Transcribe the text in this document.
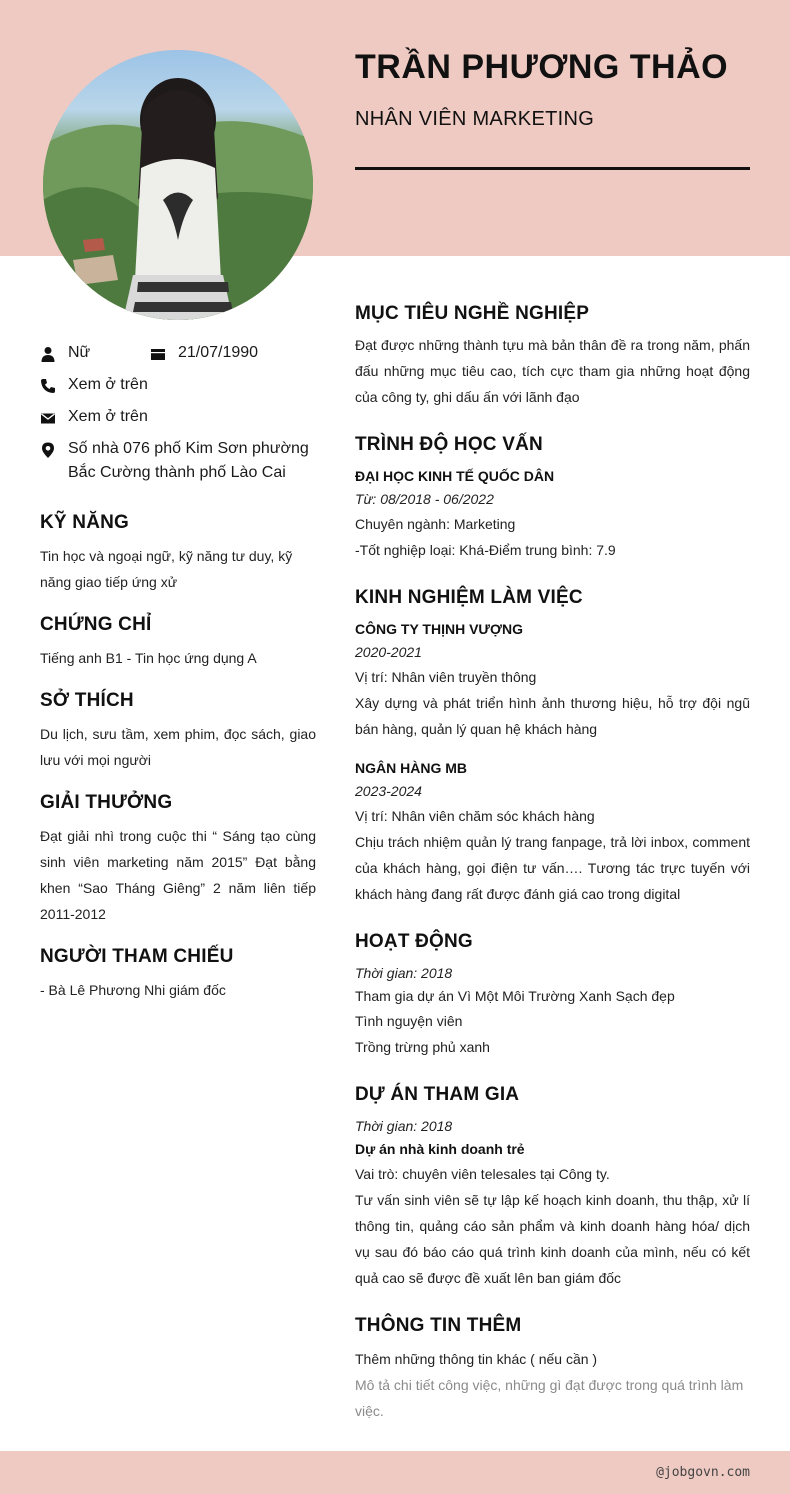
TRẦN PHƯƠNG THẢO
NHÂN VIÊN MARKETING
Nữ	21/07/1990
Xem ở trên
Xem ở trên
Số nhà 076 phố Kim Sơn phường Bắc Cường thành phố Lào Cai
KỸ NĂNG

Tin học và ngoại ngữ, kỹ năng tư duy, kỹ năng giao tiếp ứng xử

CHỨNG CHỈ

Tiếng anh B1 - Tin học ứng dụng A

SỞ THÍCH

Du lịch, sưu tầm, xem phim, đọc sách, giao lưu với mọi người

GIẢI THƯỞNG

Đạt giải nhì trong cuộc thi “ Sáng tạo cùng sinh viên marketing năm 2015” Đạt bằng khen “Sao Tháng Giêng” 2 năm liên tiếp 2011-2012

NGƯỜI THAM CHIẾU

- Bà Lê Phương Nhi giám đốc

MỤC TIÊU NGHỀ NGHIỆP

Đạt được những thành tựu mà bản thân đề ra trong năm, phấn đấu những mục tiêu cao, tích cực tham gia những hoạt động của công ty, ghi dấu ấn với lãnh đạo

TRÌNH ĐỘ HỌC VẤN
ĐẠI HỌC KINH TẾ QUỐC DÂN
Từ: 08/2018 - 06/2022
Chuyên ngành: Marketing
-Tốt nghiệp loại: Khá-Điểm trung bình: 7.9
KINH NGHIỆM LÀM VIỆC
CÔNG TY THỊNH VƯỢNG
2020-2021
Vị trí: Nhân viên truyền thông

Xây dựng và phát triển hình ảnh thương hiệu, hỗ trợ đội ngũ bán hàng, quản lý quan hệ khách hàng

NGÂN HÀNG MB
2023-2024
Vị trí: Nhân viên chăm sóc khách hàng

Chịu trách nhiệm quản lý trang fanpage, trả lời inbox, comment của khách hàng, gọi điện tư vấn…. Tương tác trực tuyến với khách hàng đang rất được đánh giá cao trong digital

HOẠT ĐỘNG
Thời gian: 2018
Tham gia dự án Vì Một Môi Trường Xanh Sạch đẹp
Tình nguyện viên
Trồng trừng phủ xanh
DỰ ÁN THAM GIA
Thời gian: 2018
Dự án nhà kinh doanh trẻ
Vai trò: chuyên viên telesales tại Công ty.

Tư vấn sinh viên sẽ tự lập kế hoạch kinh doanh, thu thập, xử lí thông tin, quảng cáo sản phẩm và kinh doanh hàng hóa/ dịch vụ sau đó báo cáo quá trình kinh doanh của mình, nếu có kết quả cao sẽ được đề xuất lên ban giám đốc

THÔNG TIN THÊM
Thêm những thông tin khác ( nếu cần )

Mô tả chi tiết công việc, những gì đạt được trong quá trình làm việc.

@jobgovn.com
